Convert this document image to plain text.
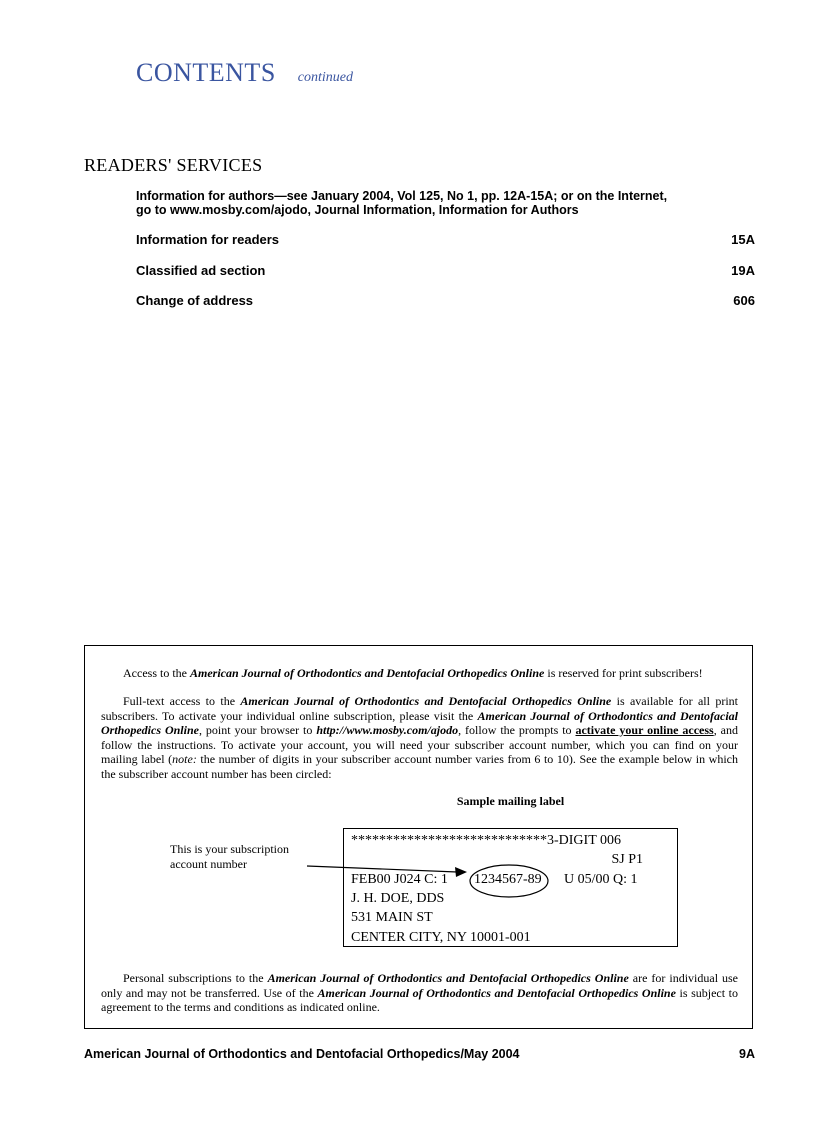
CONTENTS continued
READERS' SERVICES
Information for authors—see January 2004, Vol 125, No 1, pp. 12A-15A; or on the Internet,
go to www.mosby.com/ajodo, Journal Information, Information for Authors
Information for readers	15A
Classified ad section	19A
Change of address	606

Access to the American Journal of Orthodontics and Dentofacial Orthopedics Online is reserved for print subscribers!

Full-text access to the American Journal of Orthodontics and Dentofacial Orthopedics Online is available for all print subscribers. To activate your individual online subscription, please visit the American Journal of Orthodontics and Dentofacial Orthopedics Online, point your browser to http://www.mosby.com/ajodo, follow the prompts to activate your online access, and follow the instructions. To activate your account, you will need your subscriber account number, which you can find on your mailing label (note: the number of digits in your subscriber account number varies from 6 to 10). See the example below in which the subscriber account number has been circled:

Sample mailing label
This is your subscription account number
****************************3-DIGIT 006
SJ P1
FEB00 J024 C: 1 1234567-89 U 05/00 Q: 1
J. H. DOE, DDS
531 MAIN ST
CENTER CITY, NY 10001-001

Personal subscriptions to the American Journal of Orthodontics and Dentofacial Orthopedics Online are for individual use only and may not be transferred. Use of the American Journal of Orthodontics and Dentofacial Orthopedics Online is subject to agreement to the terms and conditions as indicated online.

American Journal of Orthodontics and Dentofacial Orthopedics/May 2004	9A
